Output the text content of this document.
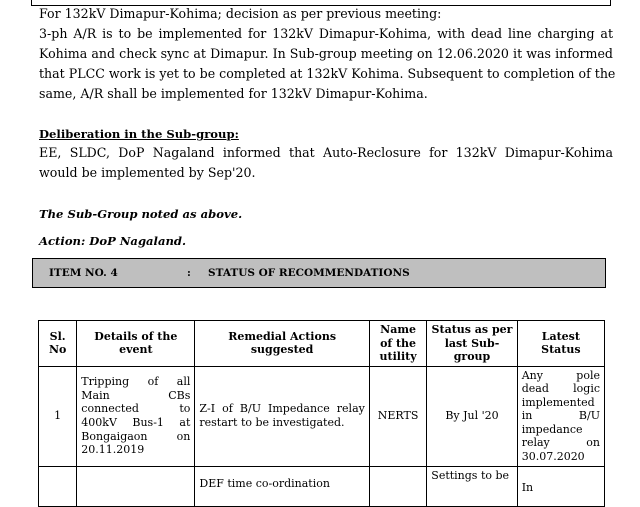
For 132kV Dimapur-Kohima; decision as per previous meeting:
3-ph A/R is to be implemented for 132kV Dimapur-Kohima, with dead line charging at
Kohima and check sync at Dimapur. In Sub-group meeting on 12.06.2020 it was informed
that PLCC work is yet to be completed at 132kV Kohima. Subsequent to completion of the
same, A/R shall be implemented for 132kV Dimapur-Kohima.
Deliberation in the Sub-group:
EE, SLDC, DoP Nagaland informed that Auto-Reclosure for 132kV Dimapur-Kohima
would be implemented by Sep'20.
The Sub-Group noted as above.
Action: DoP Nagaland.
ITEM NO. 4	: STATUS OF RECOMMENDATIONS
Sl. No	Details of the event	Remedial Actions suggested	Name of the utility	Status as per last Sub-group	Latest Status
1	Tripping of all Main CBs connected to 400kV Bus-1 at Bongaigaon on 20.11.2019	Z-I of B/U Impedance relay restart to be investigated.	NERTS	By Jul '20	Any pole dead logic implemented in B/U impedance relay on 30.07.2020
		DEF time co-ordination		Settings to be	In
